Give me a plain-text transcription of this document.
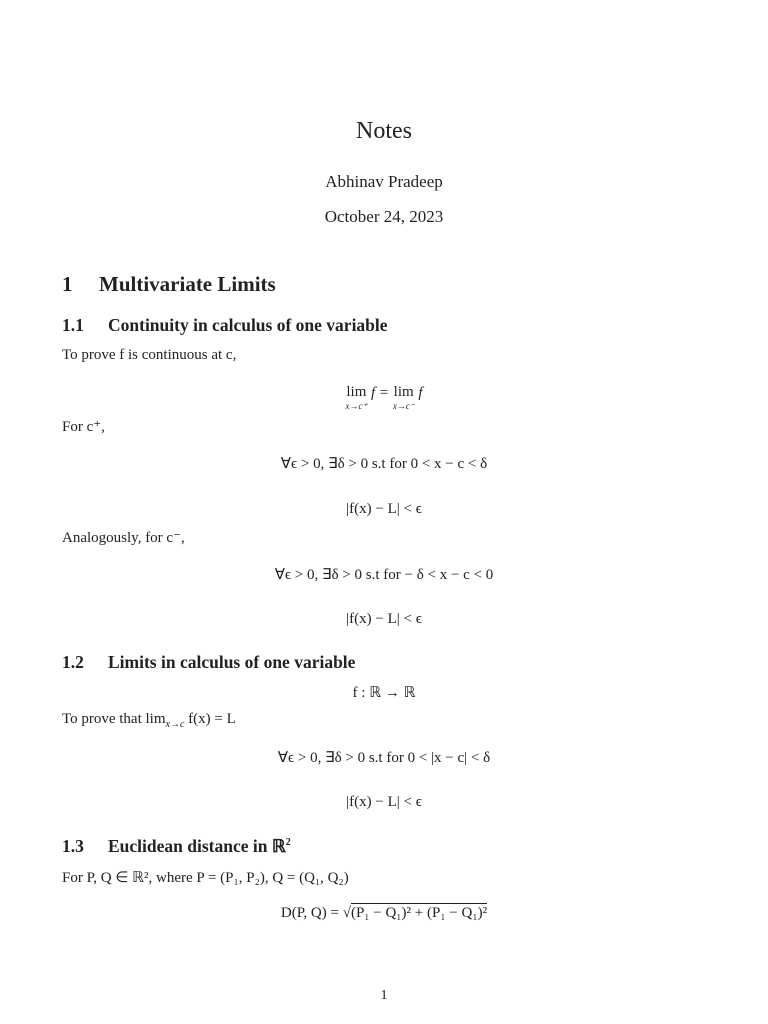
Notes
Abhinav Pradeep
October 24, 2023
1 Multivariate Limits
1.1 Continuity in calculus of one variable
To prove f is continuous at c,
lim
x→c⁺
f = lim
x→c⁻
f
For c⁺,
∀ϵ > 0, ∃δ > 0 s.t for 0 < x − c < δ
|f(x) − L| < ϵ
Analogously, for c⁻,
∀ϵ > 0, ∃δ > 0 s.t for − δ < x − c < 0
|f(x) − L| < ϵ
1.2 Limits in calculus of one variable
f : ℝ → ℝ
To prove that $\lim_{x\to c} f(x) = L$
∀ϵ > 0, ∃δ > 0 s.t for 0 < |x − c| < δ
|f(x) − L| < ϵ
1.3 Euclidean distance in ℝ$^2$
For P, Q ∈ ℝ², where P = (P₁, P₂), Q = (Q₁, Q₂)
D(P, Q) = √(P₁ − Q₁)² + (P₁ − Q₁)²
1
